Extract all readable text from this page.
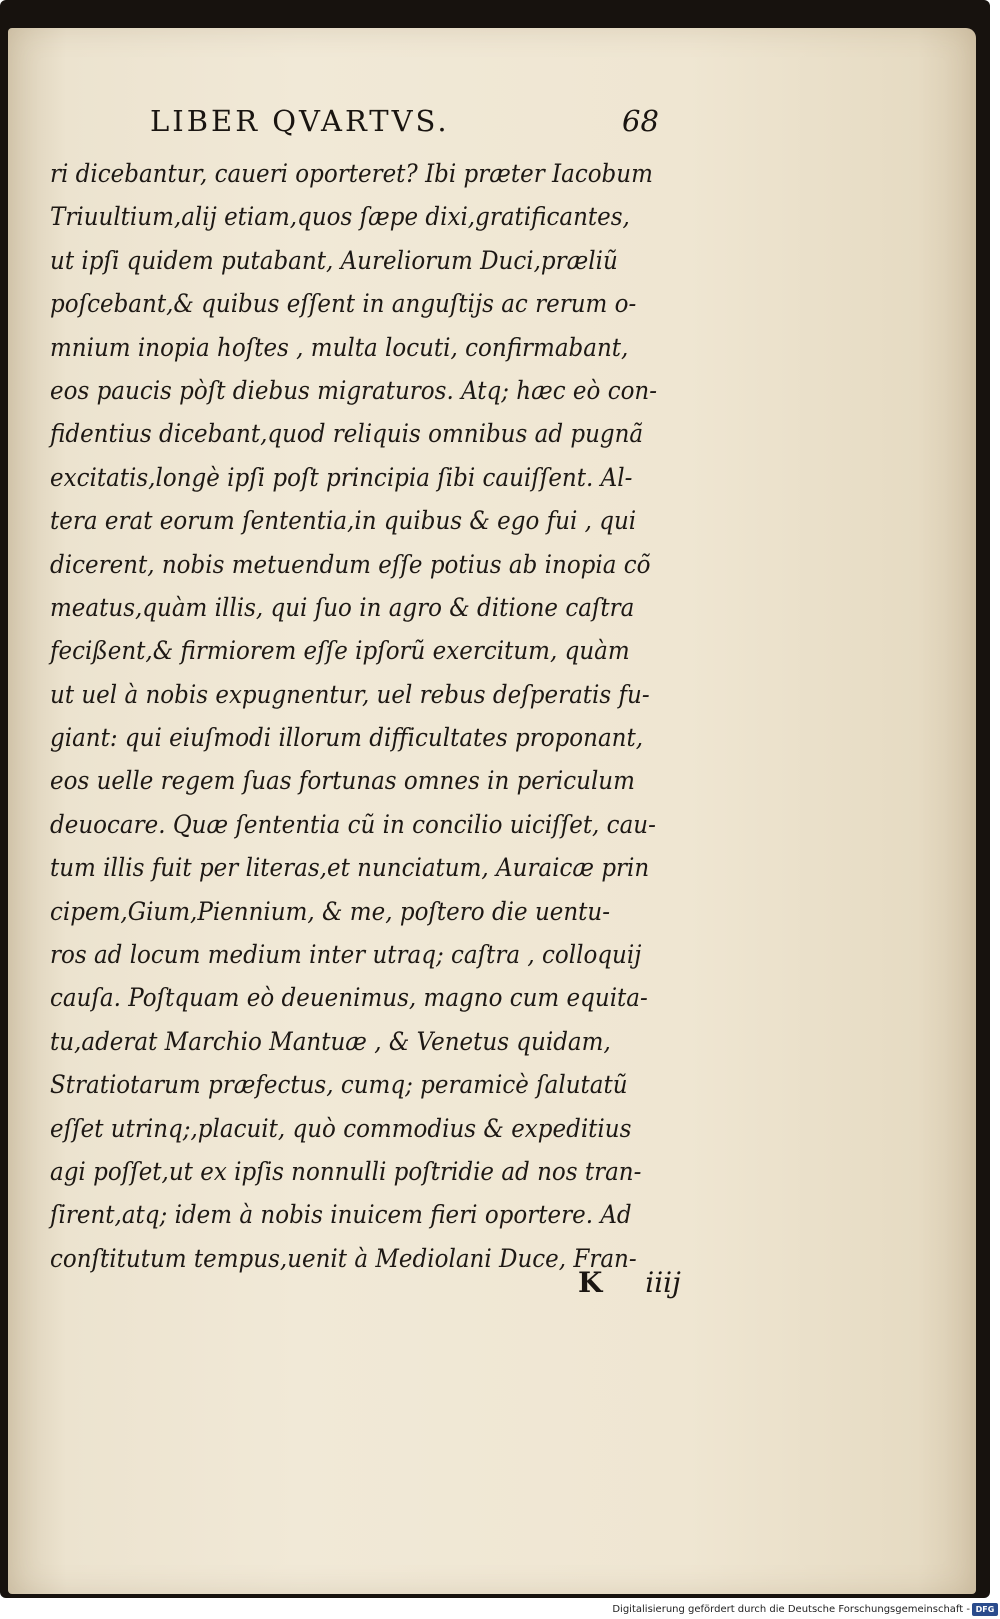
LIBER QVARTVS.	68
ri dicebantur, caueri oporteret? Ibi præter Iacobum
Triuultium,alij etiam,quos ſæpe dixi,gratificantes,
ut ipſi quidem putabant, Aureliorum Duci,prælіũ
poſcebant,& quibus eſſent in anguſtijs ac rerum o-
mnium inopia hoſtes , multa locuti, confirmabant,
eos paucis pòſt diebus migraturos. Atq; hæc eò con-
fidentius dicebant,quod reliquis omnibus ad pugnã
excitatis,longè ipſi poſt principia ſibi cauiſſent. Al-
tera erat eorum ſententia,in quibus & ego fui , qui
dicerent, nobis metuendum eſſe potius ab inopia cõ
meatus,quàm illis, qui ſuo in agro & ditione caſtra
fecißent,& firmiorem eſſe ipſorũ exercitum, quàm
ut uel à nobis expugnentur, uel rebus deſperatis fu-
giant: qui eiuſmodi illorum difficultates proponant,
eos uelle regem ſuas fortunas omnes in periculum
deuocare. Quæ ſententia cũ in concilio uiciſſet, cau-
tum illis fuit per literas,et nunciatum, Auraicæ prin
cipem,Gium,Piennium, & me, poſtero die uentu-
ros ad locum medium inter utraq; caſtra , colloquij
cauſa. Poſtquam eò deuenimus, magno cum equita-
tu,aderat Marchio Mantuæ , & Venetus quidam,
Stratiotarum præfectus, cumq; peramicè ſalutatũ
eſſet utrinq;,placuit, quò commodius & expeditius
agi poſſet,ut ex ipſis nonnulli poſtridie ad nos tran-
ſirent,atq; idem à nobis inuicem fieri oportere. Ad
conſtitutum tempus,uenit à Mediolani Duce, Fran-
K iiij
Digitalisierung gefördert durch die Deutsche Forschungsgemeinschaft - DFG
